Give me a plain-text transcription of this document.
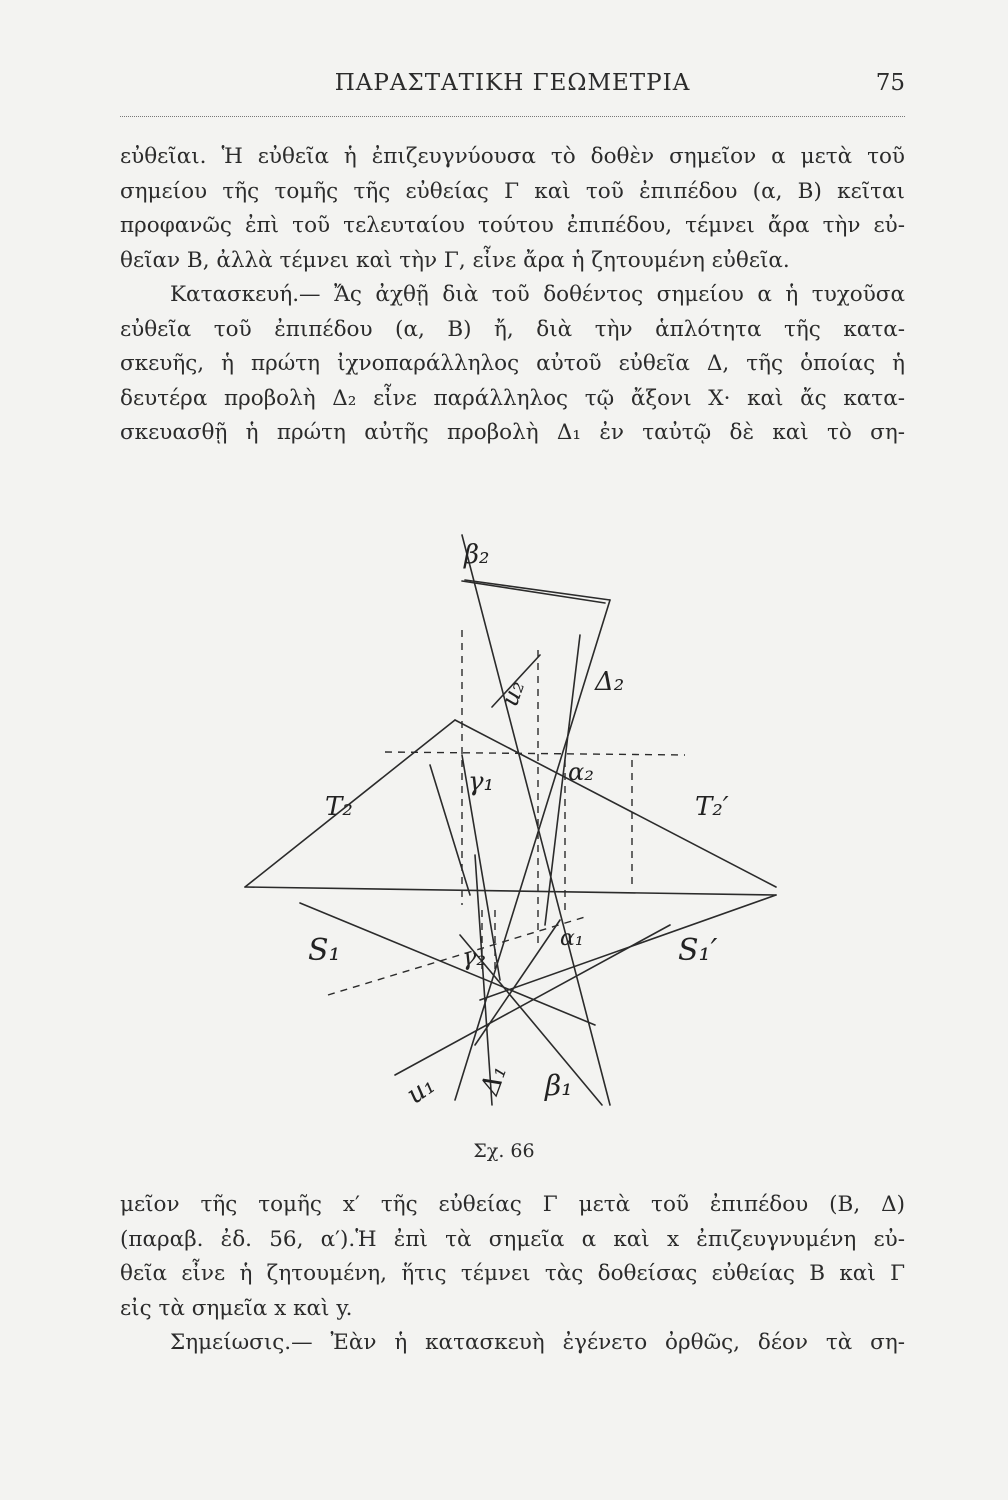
ΠΑΡΑΣΤΑΤΙΚΗ ΓΕΩΜΕΤΡΙΑ	75
εὐθεῖαι. Ἡ εὐθεῖα ἡ ἐπιζευγνύουσα τὸ δοθὲν σημεῖον α μετὰ τοῦ
σημείου τῆς τομῆς τῆς εὐθείας Γ καὶ τοῦ ἐπιπέδου (α, Β) κεῖται
προφανῶς ἐπὶ τοῦ τελευταίου τούτου ἐπιπέδου, τέμνει ἄρα τὴν εὐ-
θεῖαν Β, ἀλλὰ τέμνει καὶ τὴν Γ, εἶνε ἄρα ἡ ζητουμένη εὐθεῖα.
Κατασκευή.— Ἄς ἀχθῇ διὰ τοῦ δοθέντος σημείου α ἡ τυχοῦσα
εὐθεῖα τοῦ ἐπιπέδου (α, Β) ἤ, διὰ τὴν ἁπλότητα τῆς κατα-
σκευῆς, ἡ πρώτη ἰχνοπαράλληλος αὐτοῦ εὐθεῖα Δ, τῆς ὁποίας ἡ
δευτέρα προβολὴ Δ₂ εἶνε παράλληλος τῷ ἄξονι Χ· καὶ ἄς κατα-
σκευασθῇ ἡ πρώτη αὐτῆς προβολὴ Δ₁ ἐν ταὐτῷ δὲ καὶ τὸ ση-
β₂
u₂ Δ₂
γ₁	α₂
T₂	T₂′
α₁
S₁	S₁′
γ₂
u₁ Δ₁ β₁
Σχ. 66
μεῖον τῆς τομῆς x′ τῆς εὐθείας Γ μετὰ τοῦ ἐπιπέδου (Β, Δ)
(παραβ. ἐδ. 56, α′).Ἡ ἐπὶ τὰ σημεῖα α καὶ x ἐπιζευγνυμένη εὐ-
θεῖα εἶνε ἡ ζητουμένη, ἥτις τέμνει τὰς δοθείσας εὐθείας Β καὶ Γ
εἰς τὰ σημεῖα x καὶ y.
Σημείωσις.— Ἐὰν ἡ κατασκευὴ ἐγένετο ὀρθῶς, δέον τὰ ση-
